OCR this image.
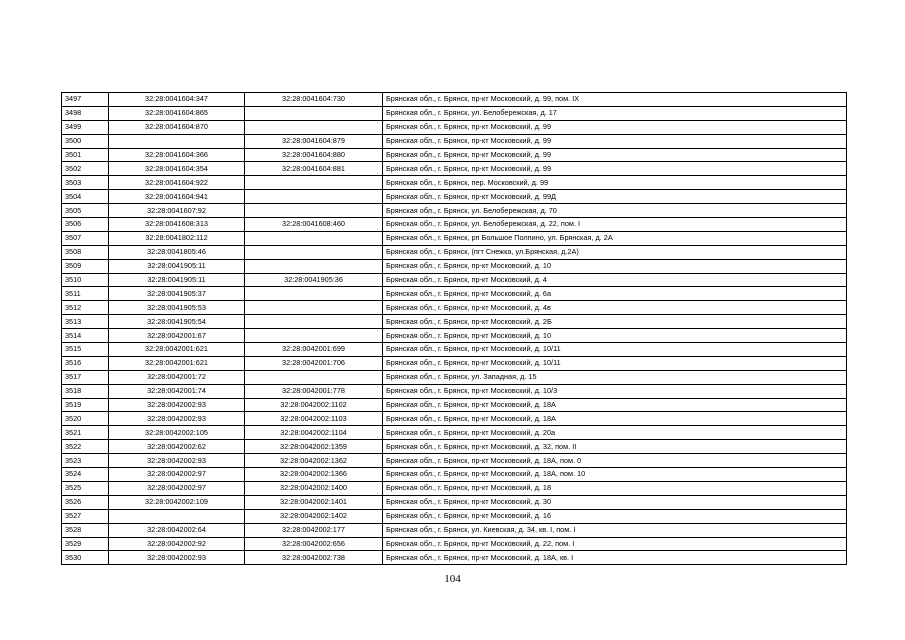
3497	32:28:0041604:347	32:28:0041604:730	Брянская обл., г. Брянск, пр-кт Московский, д. 99, пом. IX
3498	32:28:0041604:865		Брянская обл., г. Брянск, ул. Белобережская, д. 17
3499	32:28:0041604:870		Брянская обл., г. Брянск, пр-кт Московский, д. 99
3500		32:28:0041604:879	Брянская обл., г. Брянск, пр-кт Московский, д. 99
3501	32:28:0041604:366	32:28:0041604:880	Брянская обл., г. Брянск, пр-кт Московский, д. 99
3502	32:28:0041604:354	32:28:0041604:881	Брянская обл., г. Брянск, пр-кт Московский, д. 99
3503	32:28:0041604:922		Брянская обл., г. Брянск, пер. Московский, д. 99
3504	32:28:0041604:941		Брянская обл., г. Брянск, пр-кт Московский, д. 99Д
3505	32:28:0041607:92		Брянская обл., г. Брянск, ул. Белобережская, д. 70
3506	32:28:0041608:313	32:28:0041608:460	Брянская обл., г. Брянск, ул. Белобережская, д. 22, пом. I
3507	32:28:0041802:112		Брянская обл., г. Брянск, рп Большое Полпино, ул. Брянская, д. 2А
3508	32:28:0041805:46		Брянская обл., г. Брянск, (пгт Снежка, ул.Брянская, д.2А)
3509	32:28:0041905:11		Брянская обл., г. Брянск, пр-кт Московский, д. 10
3510	32:28:0041905:11	32:28:0041905:36	Брянская обл., г. Брянск, пр-кт Московский, д. 4
3511	32:28:0041905:37		Брянская обл., г. Брянск, пр-кт Московский, д. 6а
3512	32:28:0041905:53		Брянская обл., г. Брянск, пр-кт Московский, д. 4в
3513	32:28:0041905:54		Брянская обл., г. Брянск, пр-кт Московский, д. 2Б
3514	32:28:0042001:67		Брянская обл., г. Брянск, пр-кт Московский, д. 10
3515	32:28:0042001:621	32:28:0042001:699	Брянская обл., г. Брянск, пр-кт Московский, д. 10/11
3516	32:28:0042001:621	32:28:0042001:706	Брянская обл., г. Брянск, пр-кт Московский, д. 10/11
3517	32:28:0042001:72		Брянская обл., г. Брянск, ул. Западная, д. 15
3518	32:28:0042001:74	32:28:0042001:778	Брянская обл., г. Брянск, пр-кт Московский, д. 10/3
3519	32:28:0042002:93	32:28:0042002:1102	Брянская обл., г. Брянск, пр-кт Московский, д. 18А
3520	32:28:0042002:93	32:28:0042002:1103	Брянская обл., г. Брянск, пр-кт Московский, д. 18А
3521	32:28:0042002:105	32:28:0042002:1104	Брянская обл., г. Брянск, пр-кт Московский, д. 20а
3522	32:28:0042002:62	32:28:0042002:1359	Брянская обл., г. Брянск, пр-кт Московский, д. 32, пом. II
3523	32:28:0042002:93	32:28:0042002:1362	Брянская обл., г. Брянск, пр-кт Московский, д. 18А, пом. 0
3524	32:28:0042002:97	32:28:0042002:1366	Брянская обл., г. Брянск, пр-кт Московский, д. 18А, пом. 10
3525	32:28:0042002:97	32:28:0042002:1400	Брянская обл., г. Брянск, пр-кт Московский, д. 18
3526	32:28:0042002:109	32:28:0042002:1401	Брянская обл., г. Брянск, пр-кт Московский, д. 30
3527		32:28:0042002:1402	Брянская обл., г. Брянск, пр-кт Московский, д. 16
3528	32:28:0042002:64	32:28:0042002:177	Брянская обл., г. Брянск, ул. Киевская, д. 34, кв. I, пом. I
3529	32:28:0042002:92	32:28:0042002:656	Брянская обл., г. Брянск, пр-кт Московский, д. 22, пом. I
3530	32:28:0042002:93	32:28:0042002:738	Брянская обл., г. Брянск, пр-кт Московский, д. 18А, кв. I
104
